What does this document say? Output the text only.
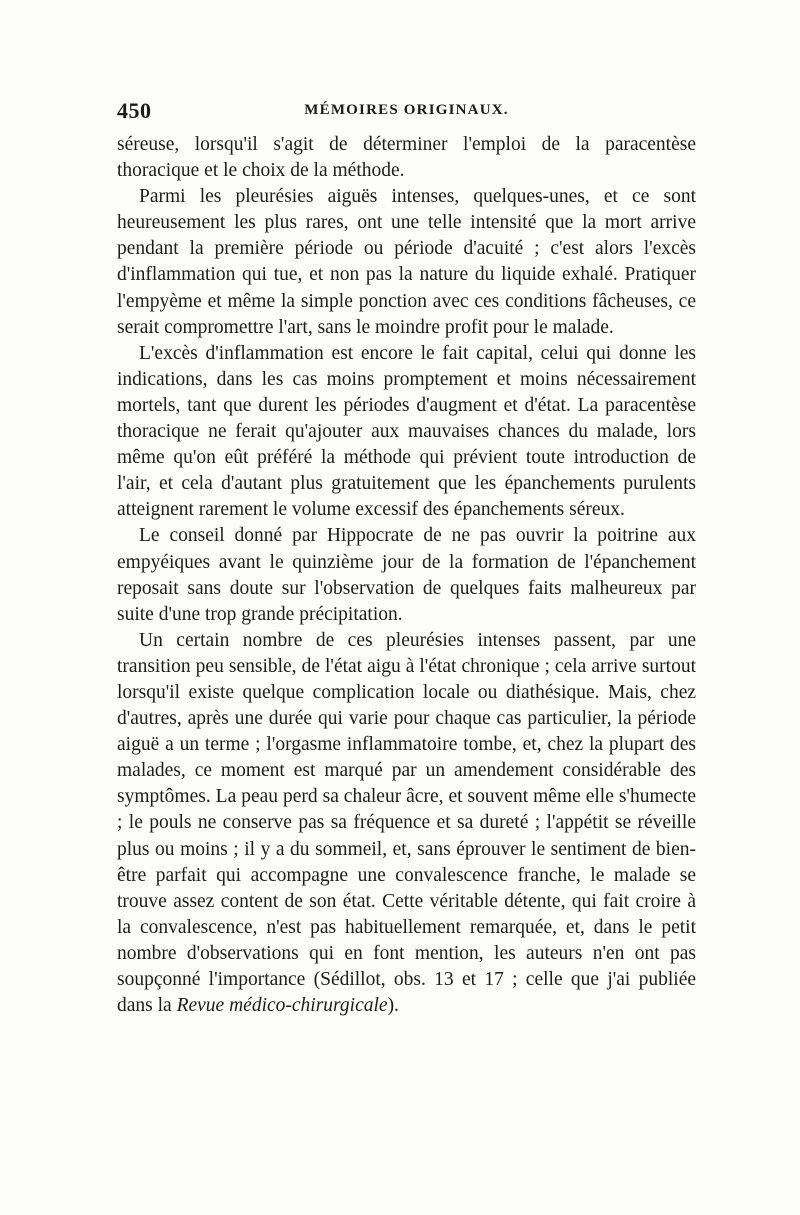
450	MÉMOIRES ORIGINAUX.

séreuse, lorsqu'il s'agit de déterminer l'emploi de la paracentèse thoracique et le choix de la méthode.

Parmi les pleurésies aiguës intenses, quelques-unes, et ce sont heureusement les plus rares, ont une telle intensité que la mort arrive pendant la première période ou période d'acuité ; c'est alors l'excès d'inflammation qui tue, et non pas la nature du liquide exhalé. Pratiquer l'empyème et même la simple ponction avec ces conditions fâcheuses, ce serait compromettre l'art, sans le moindre profit pour le malade.

L'excès d'inflammation est encore le fait capital, celui qui donne les indications, dans les cas moins promptement et moins nécessairement mortels, tant que durent les périodes d'augment et d'état. La paracentèse thoracique ne ferait qu'ajouter aux mauvaises chances du malade, lors même qu'on eût préféré la méthode qui prévient toute introduction de l'air, et cela d'autant plus gratuitement que les épanchements purulents atteignent rarement le volume excessif des épanchements séreux.

Le conseil donné par Hippocrate de ne pas ouvrir la poitrine aux empyéiques avant le quinzième jour de la formation de l'épanchement reposait sans doute sur l'observation de quelques faits malheureux par suite d'une trop grande précipitation.

Un certain nombre de ces pleurésies intenses passent, par une transition peu sensible, de l'état aigu à l'état chronique ; cela arrive surtout lorsqu'il existe quelque complication locale ou diathésique. Mais, chez d'autres, après une durée qui varie pour chaque cas particulier, la période aiguë a un terme ; l'orgasme inflammatoire tombe, et, chez la plupart des malades, ce moment est marqué par un amendement considérable des symptômes. La peau perd sa chaleur âcre, et souvent même elle s'humecte ; le pouls ne conserve pas sa fréquence et sa dureté ; l'appétit se réveille plus ou moins ; il y a du sommeil, et, sans éprouver le sentiment de bien-être parfait qui accompagne une convalescence franche, le malade se trouve assez content de son état. Cette véritable détente, qui fait croire à la convalescence, n'est pas habituellement remarquée, et, dans le petit nombre d'observations qui en font mention, les auteurs n'en ont pas soupçonné l'importance (Sédillot, obs. 13 et 17 ; celle que j'ai publiée dans la Revue médico-chirurgicale).
